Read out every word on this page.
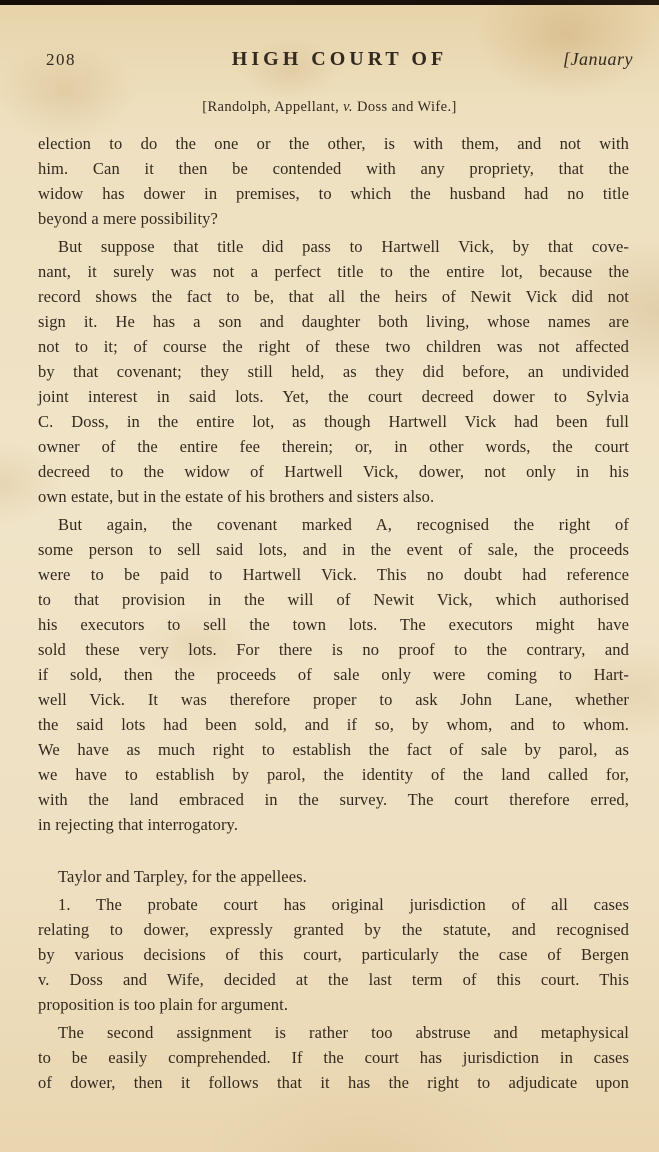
208	HIGH COURT OF	[January
[Randolph, Appellant, v. Doss and Wife.]
election to do the one or the other, is with them, and not with
him. Can it then be contended with any propriety, that the
widow has dower in premises, to which the husband had no title
beyond a mere possibility?
But suppose that title did pass to Hartwell Vick, by that cove-
nant, it surely was not a perfect title to the entire lot, because the
record shows the fact to be, that all the heirs of Newit Vick did not
sign it. He has a son and daughter both living, whose names are
not to it; of course the right of these two children was not affected
by that covenant; they still held, as they did before, an undivided
joint interest in said lots. Yet, the court decreed dower to Sylvia
C. Doss, in the entire lot, as though Hartwell Vick had been full
owner of the entire fee therein; or, in other words, the court
decreed to the widow of Hartwell Vick, dower, not only in his
own estate, but in the estate of his brothers and sisters also.
But again, the covenant marked A, recognised the right of
some person to sell said lots, and in the event of sale, the proceeds
were to be paid to Hartwell Vick. This no doubt had reference
to that provision in the will of Newit Vick, which authorised
his executors to sell the town lots. The executors might have
sold these very lots. For there is no proof to the contrary, and
if sold, then the proceeds of sale only were coming to Hart-
well Vick. It was therefore proper to ask John Lane, whether
the said lots had been sold, and if so, by whom, and to whom.
We have as much right to establish the fact of sale by parol, as
we have to establish by parol, the identity of the land called for,
with the land embraced in the survey. The court therefore erred,
in rejecting that interrogatory.
Taylor and Tarpley, for the appellees.
1. The probate court has original jurisdiction of all cases
relating to dower, expressly granted by the statute, and recognised
by various decisions of this court, particularly the case of Bergen
v. Doss and Wife, decided at the last term of this court. This
proposition is too plain for argument.
The second assignment is rather too abstruse and metaphysical
to be easily comprehended. If the court has jurisdiction in cases
of dower, then it follows that it has the right to adjudicate upon
